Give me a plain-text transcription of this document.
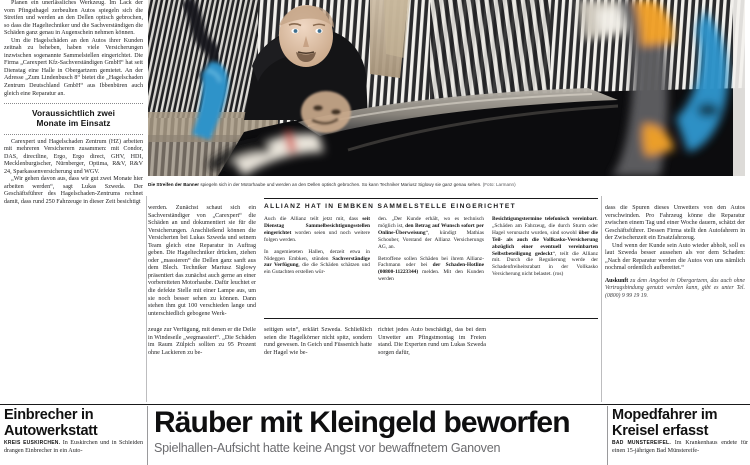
Die Streifen der Banner spiegeln sich in der Motorhaube und werden an den Dellen optisch gebrochen. So kann Techniker Mariusz Siglowy sie ganz genau sehen. (Foto: Larmann)

Planen ein unerlässliches Werkzeug. Im Lack der vom Pfingsthagel zerbeulten Autos spiegeln sich die Streifen und werden an den Dellen optisch gebrochen, so dass die Hageltechniker und die Sachverständigen die Schäden ganz genau in Augenschein nehmen können.

Um die Hagelschäden an den Autos ihrer Kunden zeitnah zu beheben, haben viele Versicherungen inzwischen sogenannte Sammelstellen eingerichtet. Die Firma „Carexpert Kfz-Sachverständigen GmbH“ hat seit Dienstag eine Halle in Obergartzem gemietet. An der Adresse „Zum Lindenbusch 8“ bietet die „Hagelschaden Zentrum Deutschland GmbH“ aus Ibbenbüren auch gleich eine Reparatur an.

Voraussichtlich zwei
Monate im Einsatz

Carexpert und Hagelschaden Zentrum (HZ) arbeiten mit mehreren Versicherern zusammen: mit Condor, DAS, directline, Ergo, Ergo direct, GHV, HDI, Mecklenburgischer, Nürnberger, Optima, R&V, R&V 24, Sparkassenversicherung und WGV.

„Wir gehen davon aus, dass wir gut zwei Monate hier arbeiten werden“, sagt Lukas Szweda. Der Geschäftsführer des Hagelschaden-Zentrums rechnet damit, dass rund 250 Fahrzeuge in dieser Zeit besichtigt

werden. Zunächst schaut sich ein Sachverständiger von „Carexpert“ die Schäden an und dokumentiert sie für die Versicherungen. Anschließend können die Versicherten bei Lukas Szweda und seinem Team gleich eine Reparatur in Auftrag geben. Die Hageltechniker drücken, ziehen oder „massieren“ die Dellen ganz sanft aus dem Blech. Techniker Mariusz Siglowy präsentiert das zunächst auch gerne an einer vorbereiteten Motorhaube. Dafür leuchtet er die defekte Stelle mit einer Lampe aus, um sie noch besser sehen zu können. Dann stehen ihm gut 100 verschieden lange und unterschiedlich gebogene Werk-

ALLIANZ HAT IN EMBKEN SAMMELSTELLE EINGERICHTET

Auch die Allianz teilt jetzt mit, dass seit Dienstag Sammelbesichtigungsstellen eingerichtet worden seien und noch weitere folgen werden.

In angemieteten Hallen, derzeit etwa in Nideggen Embken, stünden Sachverständige zur Verfügung, die die Schäden schätzen und ein Gutachten erstellen wür-

den. „Der Kunde erhält, wo es technisch möglich ist, den Betrag auf Wunsch sofort per Online-Überweisung“, kündigt Mathias Schouber, Vorstand der Allianz Versicherungs AG, an.

Betroffene sollen Schäden bei ihrem Allianz-Fachmann oder bei der Schaden-Hotline (00800-11223344) melden. Mit den Kunden werden

Besichtigungstermine telefonisch vereinbart. „Schäden am Fahrzeug, die durch Sturm oder Hagel verursacht wurden, sind sowohl über die Teil- als auch die Vollkasko-Versicherung abzüglich einer eventuell vereinbarten Selbstbeteiligung gedeckt“, teilt die Allianz mit. Durch die Regulierung werde der Schadenfreiheitsrabatt in der Vollkasko Versicherung nicht belastet. (ros)

zeuge zur Verfügung, mit denen er die Delle in Windeseile „wegmassiert“. „Die Schäden im Raum Zülpich sollten zu 95 Prozent ohne Lackieren zu be-

seitigen sein“, erklärt Szweda. Schließlich seien die Hagelkörner nicht spitz, sondern rund gewesen. In Geich und Füssenich hatte der Hagel wie be-

richtet jedes Auto beschädigt, das bei dem Unwetter am Pfingstmontag im Freien stand. Die Experten rund um Lukas Szweda sorgen dafür,

dass die Spuren dieses Unwetters von den Autos verschwinden. Pro Fahrzeug könne die Reparatur zwischen einem Tag und einer Woche dauern, schätzt der Geschäftsführer. Dessen Firma stellt den Autofahrern in der Zwischenzeit ein Ersatzfahrzeug.

Und wenn der Kunde sein Auto wieder abholt, soll es laut Szweda besser aussehen als vor dem Schaden: „Nach der Reparatur werden die Autos von uns nämlich nochmal ordentlich aufbereitet.“

Auskunft zu dem Angebot in Obergartzem, das auch ohne Vertragsbindung genutzt werden kann, gibt es unter Tel. (0800) 9 99 19 19.
Einbrecher in
Autowerkstatt

KREIS EUSKIRCHEN. In Euskirchen und in Schleiden drangen Einbrecher in ein Auto-

Räuber mit Kleingeld beworfen
Spielhallen-Aufsicht hatte keine Angst vor bewaffnetem Ganoven
Mopedfahrer im
Kreisel erfasst

BAD MÜNSTEREIFEL. Im Krankenhaus endete für einen 15-jährigen Bad Münstereife-
